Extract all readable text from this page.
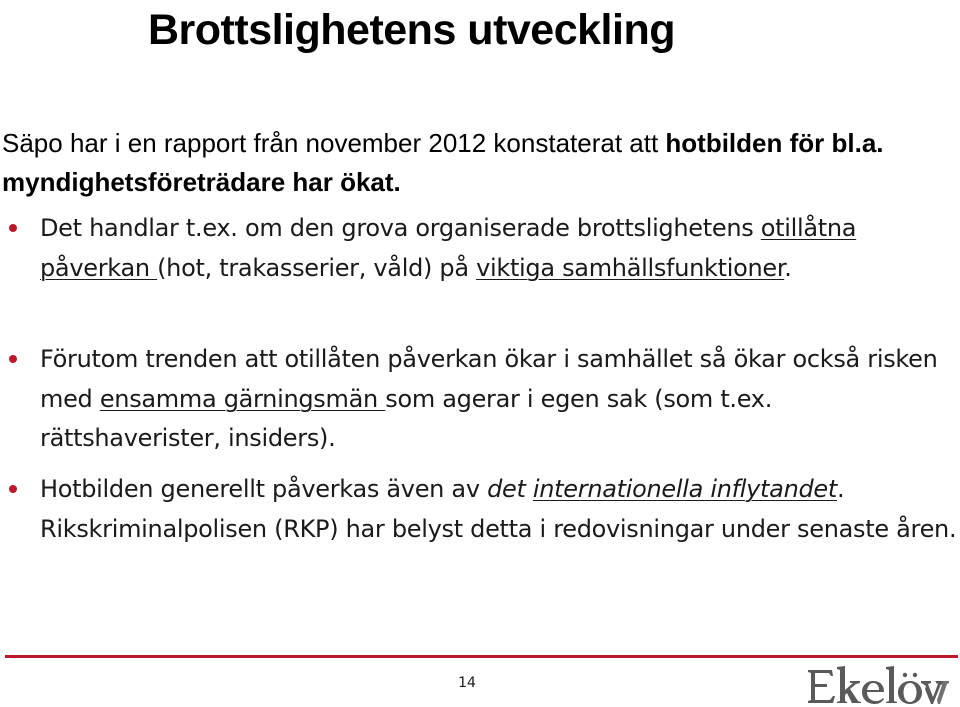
Brottslighetens utveckling

Säpo har i en rapport från november 2012 konstaterat att hotbilden för bl.a. myndighetsföreträdare har ökat.

Det handlar t.ex. om den grova organiserade brottslighetens otillåtna påverkan (hot, trakasserier, våld) på viktiga samhällsfunktioner.
Förutom trenden att otillåten påverkan ökar i samhället så ökar också risken med ensamma gärningsmän som agerar i egen sak (som t.ex. rättshaverister, insiders).
Hotbilden generellt påverkas även av det internationella inflytandet. Rikskriminalpolisen (RKP) har belyst detta i redovisningar under senaste åren.
14
